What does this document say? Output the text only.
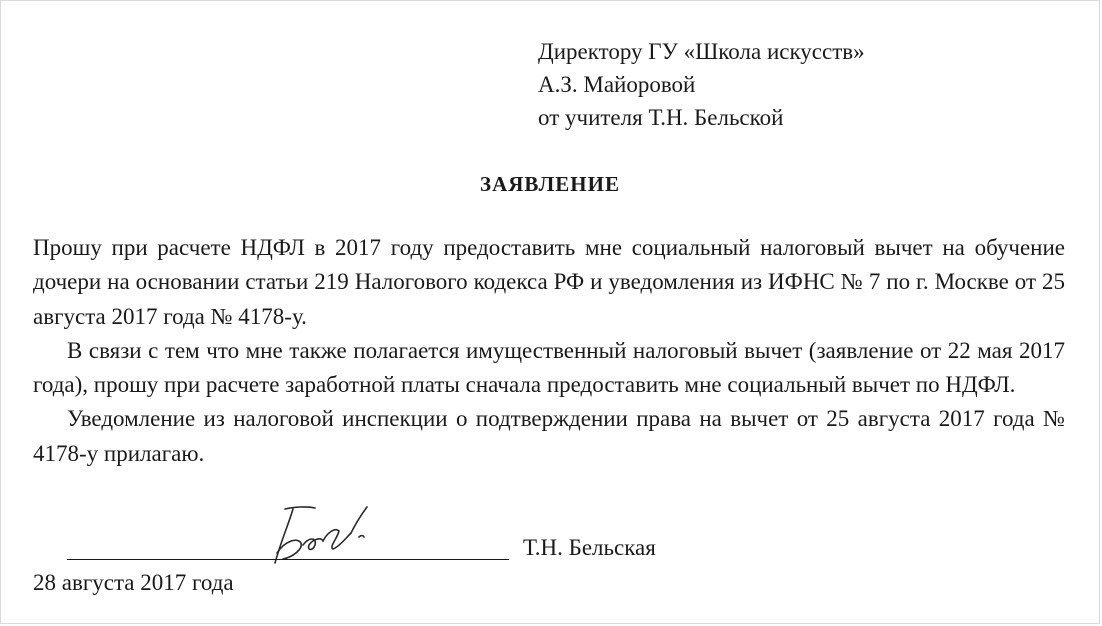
Директору ГУ «Школа искусств»
А.З. Майоровой
от учителя Т.Н. Бельской
ЗАЯВЛЕНИЕ

Прошу при расчете НДФЛ в 2017 году предоставить мне социальный налоговый вычет на обучение дочери на основании статьи 219 Налогового кодекса РФ и уведомления из ИФНС № 7 по г. Москве от 25 августа 2017 года № 4178-у.

В связи с тем что мне также полагается имущественный налоговый вычет (заявление от 22 мая 2017 года), прошу при расчете заработной платы сначала предоставить мне социальный вычет по НДФЛ.

Уведомление из налоговой инспекции о подтверждении права на вычет от 25 августа 2017 года № 4178-у прилагаю.

Т.Н. Бельская
28 августа 2017 года
